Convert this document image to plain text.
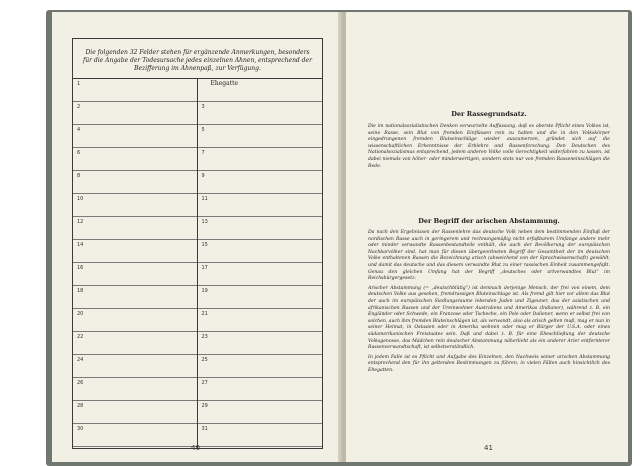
Die folgenden 32 Felder stehen für ergänzende Anmerkungen, besonders für die Angabe der Todesursache jedes einzelnen Ahnen, entsprechend der Bezifferung im Ahnenpaß, zur Verfügung.
1
2
4
6
8
10
12
14
16
18
20
22
24
26
28
30
Ehegatte
3
5
7
9
11
13
15
17
19
21
23
25
27
29
31
40
Der Rassegrundsatz.
Die im nationalsozialistischen Denken verwurzelte Auffassung, daß es oberste Pflicht eines Volkes ist, seine Rasse, sein Blut von fremden Einflüssen rein zu halten und die in den Volkskörper eingedrungenen fremden Blutseinschläge wieder auszumerzen, gründet sich auf die wissenschaftlichen Erkenntnisse der Erblehre und Rassenforschung. Den Deutschen des Nationalsozialismus entsprechend, jedem anderen Volke volle Gerechtigkeit widerfahren zu lassen, ist dabei niemals von höher- oder minderwertigen, sondern stets nur von fremden Rasseneinschlägen die Rede.
Der Begriff der arischen Abstammung.
Da nach den Ergebnissen der Rassenlehre das deutsche Volk neben dem bestimmenden Einfluß der nordischen Rasse auch in geringerem und rechnungsmäßig nicht erfaßbarem Umfange andere mehr oder minder verwandte Rassenbestandteile enthält, die auch der Bevölkerung der europäischen Nachbarvölker sind, hat man für diesen übergeordneten Begriff der Gesamtheit der im deutschen Volke enthaltenen Rassen die Bezeichnung arisch (abweichend von der Sprachwissenschaft) gewählt, und damit das deutsche und das diesem verwandte Blut zu einer rassischen Einheit zusammengefaßt. Genau den gleichen Umfang hat der Begriff „deutsches oder artverwandtes Blut“ im Reichsbürgergesetz.
Arischer Abstammung (= „deutschblütig“) ist demnach derjenige Mensch, der frei von einem, dem deutschen Volke aus gesehen, fremdrassigen Bluteinschlage ist. Als fremd gilt hier vor allem das Blut der auch im europäischen Siedlungsraume lebenden Juden und Zigeuner, das der asiatischen und afrikanischen Rassen und der Ureinwohner Australiens und Amerikas (Indianer), während z. B. ein Engländer oder Schwede, ein Franzose oder Tscheche, ein Pole oder Italiener, wenn er selbst frei von solchen, auch ihm fremden Bluteinschlägen ist, als verwandt, also als arisch gelten muß, mag er nun in seiner Heimat, in Ostasien oder in Amerika wohnen oder mag er Bürger der U.S.A. oder eines südamerikanischen Freistaates sein. Daß und dabei z. B. für eine Eheschließung der deutsche Volksgenosse, das Mädchen rein deutscher Abstammung näherlieht als ein anderer Arier entfernterer Rassenverwandtschaft, ist selbstverständlich.
In jedem Falle ist es Pflicht und Aufgabe des Einzelnen, den Nachweis seiner arischen Abstammung entsprechend den für ihn geltenden Bestimmungen zu führen, in vielen Fällen auch hinsichtlich des Ehegatten.
41
